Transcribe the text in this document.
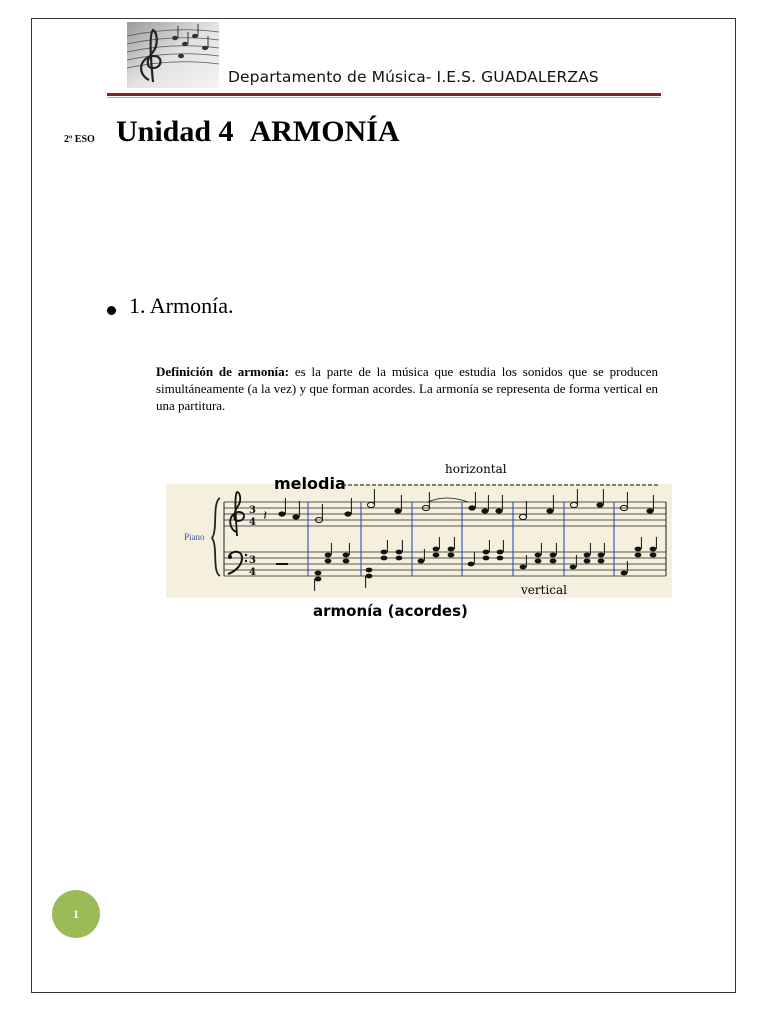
Departamento de Música- I.E.S. GUADALERZAS
2º ESO Unidad 4 ARMONÍA
1. Armonía.
Definición de armonía: es la parte de la música que estudia los sonidos que se producen simultáneamente (a la vez) y que forman acordes. La armonía se representa de forma vertical en una partitura.
melodia
horizontal
Piano
3
4
3
4
𝄽
vertical
armonía (acordes)
1
